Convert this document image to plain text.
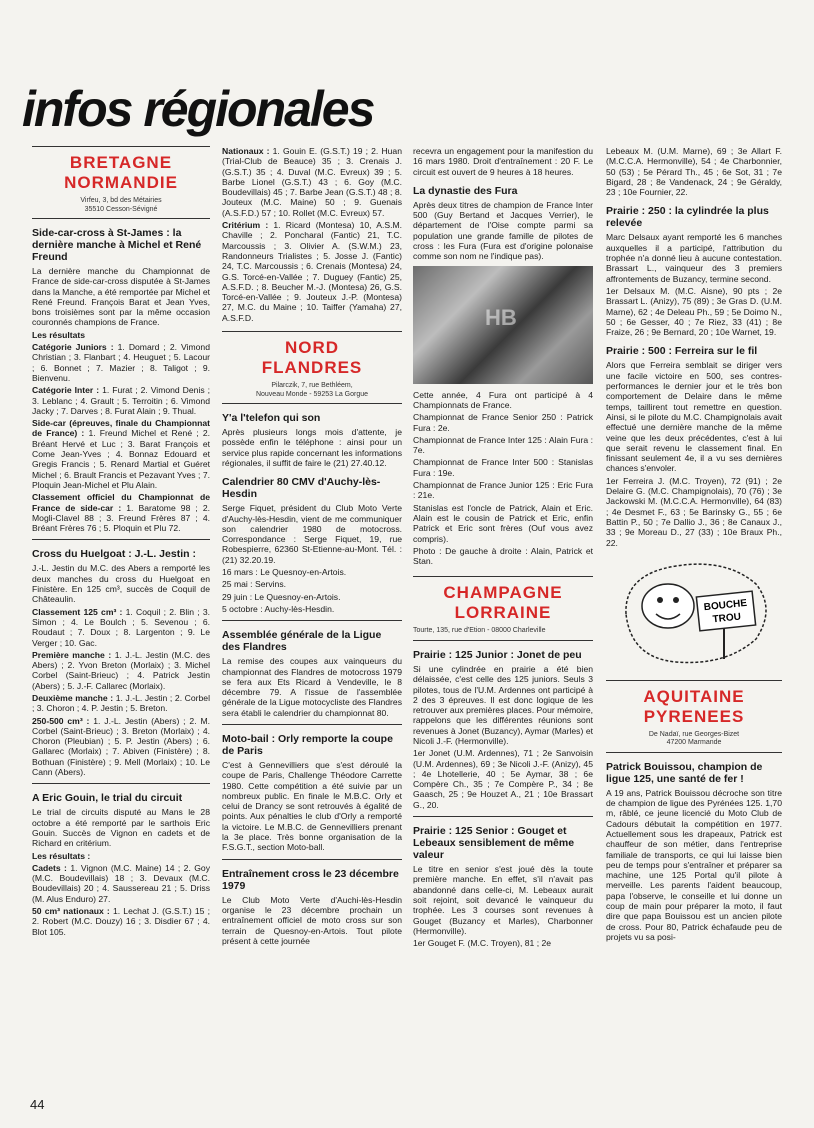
infos régionales
BRETAGNE
NORMANDIE
Virfeu, 3, bd des Métairies
35510 Cesson-Sévigné
Side-car-cross à St-James : la dernière manche à Michel et René Freund

La dernière manche du Championnat de France de side-car-cross disputée à St-James dans la Manche, a été remportée par Michel et René Freund. François Barat et Jean Yves, bons troisièmes sont par la même occasion couronnés champions de France.

Les résultats

Catégorie Juniors : 1. Domard ; 2. Vimond Christian ; 3. Flanbart ; 4. Heuguet ; 5. Lacour ; 6. Bonnet ; 7. Mazier ; 8. Taligot ; 9. Bienvenu.

Catégorie Inter : 1. Furat ; 2. Vimond Denis ; 3. Leblanc ; 4. Grault ; 5. Terroitin ; 6. Vimond Jacky ; 7. Darves ; 8. Furat Alain ; 9. Thual.

Side-car (épreuves, finale du Championnat de France) : 1. Freund Michel et René ; 2. Bréant Hervé et Luc ; 3. Barat François et Come Jean-Yves ; 4. Bonnaz Edouard et Gregis Francis ; 5. Renard Martial et Guéret Michel ; 6. Brault Francis et Pezavant Yves ; 7. Ploquin Jean-Michel et Plu Alain.

Classement officiel du Championnat de France de side-car : 1. Baratome 98 ; 2. Mogli-Clavel 88 ; 3. Freund Frères 87 ; 4. Bréant Frères 76 ; 5. Ploquin et Plu 72.

Cross du Huelgoat : J.-L. Jestin :

J.-L. Jestin du M.C. des Abers a remporté les deux manches du cross du Huelgoat en Finistère. En 125 cm³, succès de Coquil de Châteaulin.

Classement 125 cm³ : 1. Coquil ; 2. Blin ; 3. Simon ; 4. Le Boulch ; 5. Sevenou ; 6. Roudaut ; 7. Doux ; 8. Largenton ; 9. Le Verger ; 10. Gac.

Première manche : 1. J.-L. Jestin (M.C. des Abers) ; 2. Yvon Breton (Morlaix) ; 3. Michel Corbel (Saint-Brieuc) ; 4. Patrick Jestin (Abers) ; 5. J.-F. Callarec (Morlaix).

Deuxième manche : 1. J.-L. Jestin ; 2. Corbel ; 3. Choron ; 4. P. Jestin ; 5. Breton.

250-500 cm³ : 1. J.-L. Jestin (Abers) ; 2. M. Corbel (Saint-Brieuc) ; 3. Breton (Morlaix) ; 4. Choron (Pleubian) ; 5. P. Jestin (Abers) ; 6. Gallarec (Morlaix) ; 7. Abiven (Finistère) ; 8. Bothuan (Finistère) ; 9. Mell (Morlaix) ; 10. Le Cann (Abers).

A Eric Gouin, le trial du circuit

Le trial de circuits disputé au Mans le 28 octobre a été remporté par le sarthois Eric Gouin. Succès de Vignon en cadets et de Richard en critérium.

Les résultats :

Cadets : 1. Vignon (M.C. Maine) 14 ; 2. Goy (M.C. Boudevillais) 18 ; 3. Devaux (M.C. Boudevillais) 20 ; 4. Saussereau 21 ; 5. Driss (M. Alus Enduro) 27.

50 cm³ nationaux : 1. Lechat J. (G.S.T.) 15 ; 2. Robert (M.C. Douzy) 16 ; 3. Disdier 67 ; 4. Blot 105.

Nationaux : 1. Gouin E. (G.S.T.) 19 ; 2. Huan (Trial-Club de Beauce) 35 ; 3. Crenais J. (G.S.T.) 35 ; 4. Duval (M.C. Evreux) 39 ; 5. Barbe Lionel (G.S.T.) 43 ; 6. Goy (M.C. Boudevillais) 45 ; 7. Barbe Jean (G.S.T.) 48 ; 8. Jouteux (M.C. Maine) 50 ; 9. Guenais (A.S.F.D.) 57 ; 10. Rollet (M.C. Evreux) 57.

Critérium : 1. Ricard (Montesa) 10, A.S.M. Chaville ; 2. Poncharal (Fantic) 21, T.C. Marcoussis ; 3. Olivier A. (S.W.M.) 23, Randonneurs Trialistes ; 5. Josse J. (Fantic) 24, T.C. Marcoussis ; 6. Crenais (Montesa) 24, G.S. Torcé-en-Vallée ; 7. Duguey (Fantic) 25, A.S.F.D. ; 8. Beucher M.-J. (Montesa) 26, G.S. Torcé-en-Vallée ; 9. Jouteux J.-P. (Montesa) 27, M.C. du Maine ; 10. Taiffer (Yamaha) 27, A.S.F.D.

NORD
FLANDRES
Pilarczik, 7, rue Bethléem,
Nouveau Monde - 59253 La Gorgue
Y'a l'telefon qui son

Après plusieurs longs mois d'attente, je possède enfin le téléphone : ainsi pour un service plus rapide concernant les informations régionales, il suffit de faire le (21) 27.40.12.

Calendrier 80 CMV d'Auchy-lès-Hesdin

Serge Fiquet, président du Club Moto Verte d'Auchy-lès-Hesdin, vient de me communiquer son calendrier 1980 de motocross. Correspondance : Serge Fiquet, 19, rue Robespierre, 62360 St-Etienne-au-Mont. Tél. : (21) 32.20.19.

16 mars : Le Quesnoy-en-Artois.

25 mai : Servins.

29 juin : Le Quesnoy-en-Artois.

5 octobre : Auchy-lès-Hesdin.

Assemblée générale de la Ligue des Flandres

La remise des coupes aux vainqueurs du championnat des Flandres de motocross 1979 se fera aux Ets Ricard à Vendeville, le 8 décembre 79. A l'issue de l'assemblée générale de la Ligue motocycliste des Flandres sera établi le calendrier du championnat 80.

Moto-bail : Orly remporte la coupe de Paris

C'est à Gennevilliers que s'est déroulé la coupe de Paris, Challenge Théodore Carrette 1980. Cette compétition a été suivie par un nombreux public. En finale le M.B.C. Orly et celui de Drancy se sont retrouvés à égalité de points. Aux pénalties le club d'Orly a remporté la victoire. Le M.B.C. de Gennevilliers prenant la 3e place. Très bonne organisation de la F.S.G.T., section Moto-ball.

Entraînement cross le 23 décembre 1979

Le Club Moto Verte d'Auchi-lès-Hesdin organise le 23 décembre prochain un entraînement officiel de moto cross sur son terrain de Quesnoy-en-Artois. Tout pilote présent à cette journée

recevra un engagement pour la manifestion du 16 mars 1980. Droit d'entraînement : 20 F. Le circuit est ouvert de 9 heures à 18 heures.

La dynastie des Fura

Après deux titres de champion de France Inter 500 (Guy Bertand et Jacques Verrier), le département de l'Oise compte parmi sa population une grande famille de pilotes de cross : les Fura (Fura est d'origine polonaise comme son nom ne l'indique pas).

HB

Cette année, 4 Fura ont participé à 4 Championnats de France.

Championnat de France Senior 250 : Patrick Fura : 2e.

Championnat de France Inter 125 : Alain Fura : 7e.

Championnat de France Inter 500 : Stanislas Fura : 19e.

Championnat de France Junior 125 : Eric Fura : 21e.

Stanislas est l'oncle de Patrick, Alain et Eric. Alain est le cousin de Patrick et Eric, enfin Patrick et Eric sont frères (Ouf vous avez compris).

Photo : De gauche à droite : Alain, Patrick et Stan.

CHAMPAGNE
LORRAINE
Tourte, 135, rue d'Etion - 08000 Charleville
Prairie : 125 Junior : Jonet de peu

Si une cylindrée en prairie a été bien délaissée, c'est celle des 125 juniors. Seuls 3 pilotes, tous de l'U.M. Ardennes ont participé à 2 des 3 épreuves. Il est donc logique de les retrouver aux premières places. Pour mémoire, rappelons que les différentes réunions sont revenues à Jonet (Buzancy), Aymar (Marles) et Nicoli J.-F. (Hermonville).

1er Jonet (U.M. Ardennes), 71 ; 2e Sanvoisin (U.M. Ardennes), 69 ; 3e Nicoli J.-F. (Anizy), 45 ; 4e Lhotellerie, 40 ; 5e Aymar, 38 ; 6e Compère Ch., 35 ; 7e Compère P., 34 ; 8e Gaasch, 25 ; 9e Houzet A., 21 ; 10e Brassart G., 20.

Prairie : 125 Senior : Gouget et Lebeaux sensiblement de même valeur

Le titre en senior s'est joué dès la toute première manche. En effet, s'il n'avait pas abandonné dans celle-ci, M. Lebeaux aurait soit rejoint, soit devancé le vainqueur du trophée. Les 3 courses sont revenues à Gouget (Buzancy et Marles), Charbonner (Hermonville).

1er Gouget F. (M.C. Troyen), 81 ; 2e

Lebeaux M. (U.M. Marne), 69 ; 3e Allart F. (M.C.C.A. Hermonville), 54 ; 4e Charbonnier, 50 (53) ; 5e Pérard Th., 45 ; 6e Sot, 31 ; 7e Bigard, 28 ; 8e Vandenack, 24 ; 9e Géraldy, 23 ; 10e Fournier, 22.

Prairie : 250 : la cylindrée la plus relevée

Marc Delsaux ayant remporté les 6 manches auxquelles il a participé, l'attribution du trophée n'a donné lieu à aucune contestation. Brassart L., vainqueur des 3 premiers affrontements de Buzancy, termine second.

1er Delsaux M. (M.C. Aisne), 90 pts ; 2e Brassart L. (Anizy), 75 (89) ; 3e Gras D. (U.M. Marne), 62 ; 4e Deleau Ph., 59 ; 5e Doimo N., 50 ; 6e Gesser, 40 ; 7e Riez, 33 (41) ; 8e Fraize, 26 ; 9e Bernard, 20 ; 10e Warnet, 19.

Prairie : 500 : Ferreira sur le fil

Alors que Ferreira semblait se diriger vers une facile victoire en 500, ses contres-performances le dernier jour et le très bon comportement de Delaire dans le même temps, taillirent tout remettre en question. Ainsi, si le pilote du M.C. Champignolais avait effectué une dernière manche de la même veine que les deux précédentes, c'est à lui que serait revenu le classement final. En finissant seulement 4e, il a vu ses dernières chances s'envoler.

1er Ferreira J. (M.C. Troyen), 72 (91) ; 2e Delaire G. (M.C. Champignolais), 70 (76) ; 3e Jackowski M. (M.C.C.A. Hermonville), 64 (83) ; 4e Desmet F., 63 ; 5e Barinsky G., 55 ; 6e Battin P., 50 ; 7e Dallio J., 36 ; 8e Canaux J., 33 ; 9e Moreau D., 27 (33) ; 10e Braux Ph., 22.

BOUCHE
TROU
AQUITAINE
PYRENEES
De Nadaï, rue Georges-Bizet
47200 Marmande
Patrick Bouissou, champion de ligue 125, une santé de fer !

A 19 ans, Patrick Bouissou décroche son titre de champion de ligue des Pyrénées 125. 1,70 m, râblé, ce jeune licencié du Moto Club de Cadours débutait la compétition en 1977. Actuellement sous les drapeaux, Patrick est chauffeur de son métier, dans l'entreprise familiale de transports, ce qui lui laisse bien peu de temps pour s'entraîner et préparer sa machine, une 125 Portal qu'il pilote à merveille. Les parents l'aident beaucoup, papa l'observe, le conseille et lui donne un coup de main pour préparer la moto, il faut dire que papa Bouissou est un ancien pilote de cross. Pour 80, Patrick échafaude peu de projets vu sa posi-

44
